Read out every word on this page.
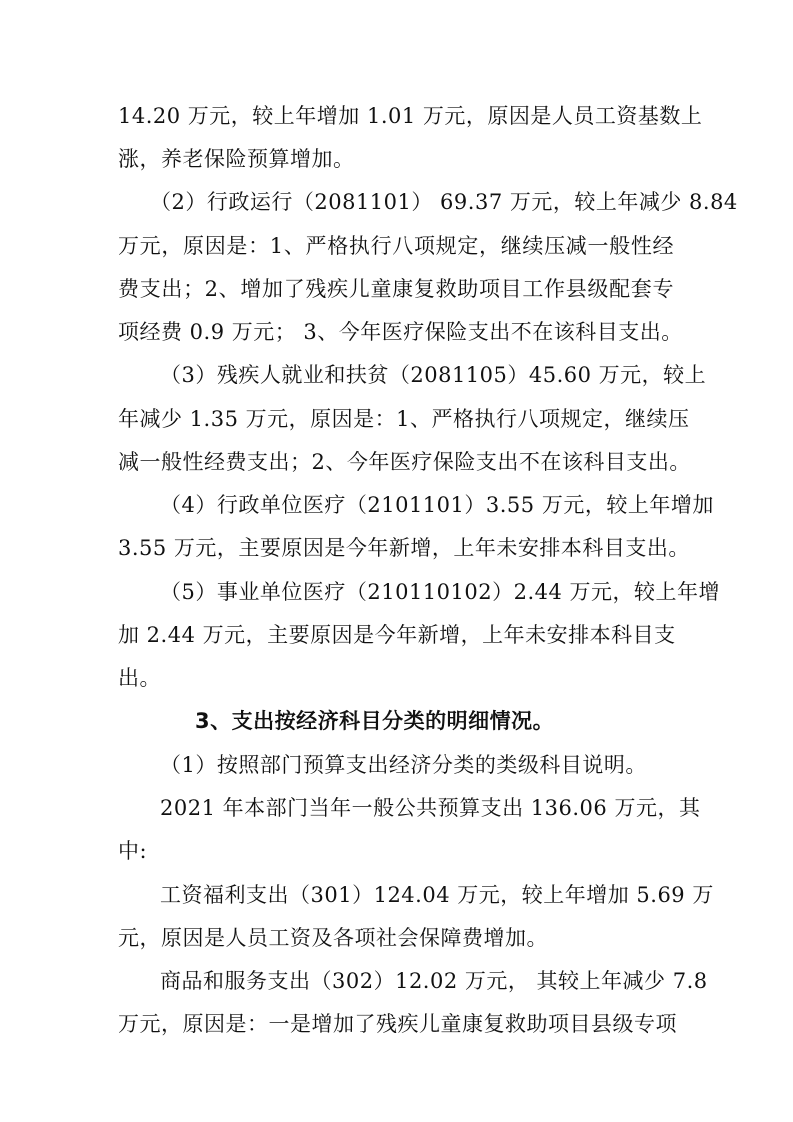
14.20 万元，较上年增加 1.01 万元，原因是人员工资基数上
涨，养老保险预算增加。
（2）行政运行（2081101） 69.37 万元，较上年减少 8.84
万元，原因是：1、严格执行八项规定，继续压减一般性经
费支出；2、增加了残疾儿童康复救助项目工作县级配套专
项经费 0.9 万元； 3、今年医疗保险支出不在该科目支出。
（3）残疾人就业和扶贫（2081105）45.60 万元，较上
年减少 1.35 万元，原因是：1、严格执行八项规定，继续压
减一般性经费支出；2、今年医疗保险支出不在该科目支出。
（4）行政单位医疗（2101101）3.55 万元，较上年增加
3.55 万元，主要原因是今年新增，上年未安排本科目支出。
（5）事业单位医疗（210110102）2.44 万元，较上年增
加 2.44 万元，主要原因是今年新增，上年未安排本科目支
出。
3、支出按经济科目分类的明细情况。
（1）按照部门预算支出经济分类的类级科目说明。
2021 年本部门当年一般公共预算支出 136.06 万元，其
中:
工资福利支出（301）124.04 万元，较上年增加 5.69 万
元，原因是人员工资及各项社会保障费增加。
商品和服务支出（302）12.02 万元， 其较上年减少 7.8
万元，原因是：一是增加了残疾儿童康复救助项目县级专项
